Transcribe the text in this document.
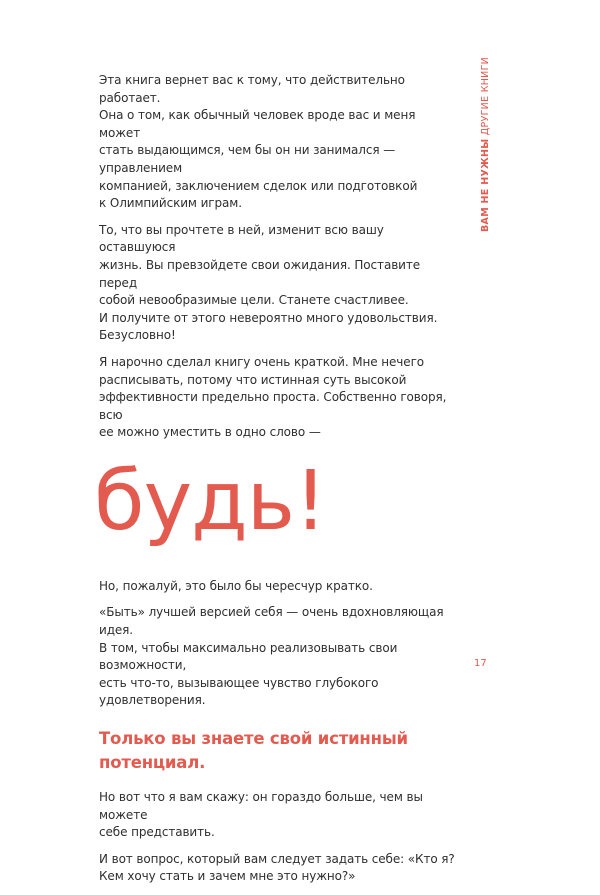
ВАМ НЕ НУЖНЫ ДРУГИЕ КНИГИ

Эта книга вернет вас к тому, что действительно работает.
Она о том, как обычный человек вроде вас и меня может
стать выдающимся, чем бы он ни занимался — управлением
компанией, заключением сделок или подготовкой
к Олимпийским играм.

То, что вы прочтете в ней, изменит всю вашу оставшуюся
жизнь. Вы превзойдете свои ожидания. Поставите перед
собой невообразимые цели. Станете счастливее.
И получите от этого невероятно много удовольствия.
Безусловно!

Я нарочно сделал книгу очень краткой. Мне нечего
расписывать, потому что истинная суть высокой
эффективности предельно проста. Собственно говоря, всю
ее можно уместить в одно слово —

будь!

Но, пожалуй, это было бы чересчур кратко.

«Быть» лучшей версией себя — очень вдохновляющая идея.
В том, чтобы максимально реализовывать свои возможности,
есть что-то, вызывающее чувство глубокого удовлетворения.

Только вы знаете свой истинный
потенциал.

Но вот что я вам скажу: он гораздо больше, чем вы можете
себе представить.

И вот вопрос, который вам следует задать себе: «Кто я?
Кем хочу стать и зачем мне это нужно?»

17
